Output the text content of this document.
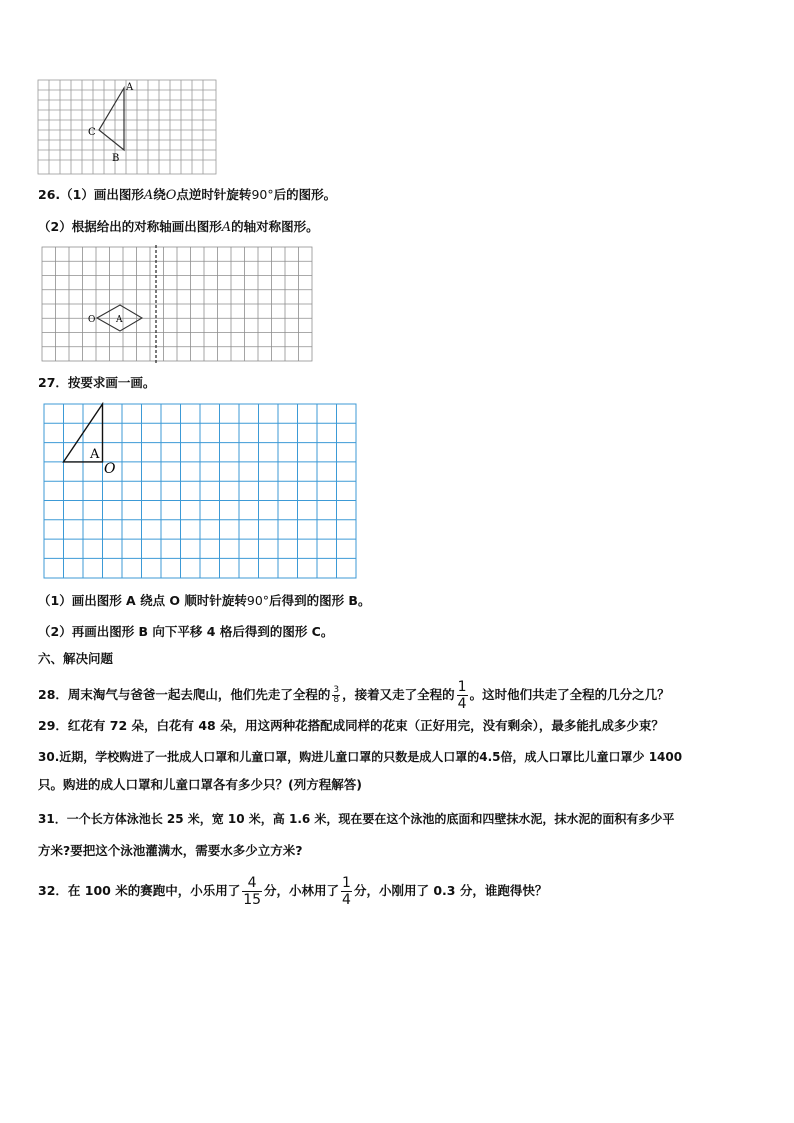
A
C
B
26.（1）画出图形A绕O点逆时针旋转90°后的图形。
（2）根据给出的对称轴画出图形A的轴对称图形。
O A
27．按要求画一画。
A
O
（1）画出图形 A 绕点 O 顺时针旋转90°后得到的图形 B。
（2）再画出图形 B 向下平移 4 格后得到的图形 C。
六、解决问题
28．周末淘气与爸爸一起去爬山，他们先走了全程的 $\frac{3}{8}$ ，接着又走了全程的 $\frac{1}{4}$ 。这时他们共走了全程的几分之几？
29．红花有 72 朵，白花有 48 朵，用这两种花搭配成同样的花束（正好用完，没有剩余），最多能扎成多少束？
30.近期，学校购进了一批成人口罩和儿童口罩，购进儿童口罩的只数是成人口罩的4.5倍，成人口罩比儿童口罩少 1400
只。购进的成人口罩和儿童口罩各有多少只？(列方程解答)
31．一个长方体泳池长 25 米，宽 10 米，高 1.6 米，现在要在这个泳池的底面和四壁抹水泥，抹水泥的面积有多少平
方米?要把这个泳池灌满水，需要水多少立方米?
32．在 100 米的赛跑中，小乐用了 $\frac{4}{15}$ 分，小林用了 $\frac{1}{4}$ 分，小刚用了 0.3 分，谁跑得快？
